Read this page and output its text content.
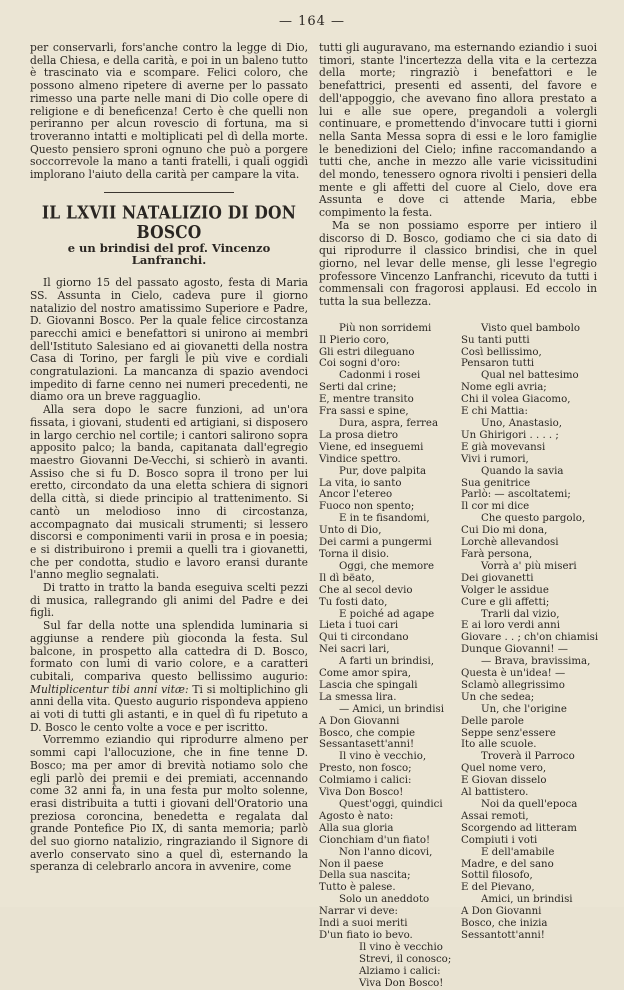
— 164 —

per conservarli, fors'anche contro la legge di Dio, della Chiesa, e della carità, e poi in un baleno tutto è trascinato via e scompare. Felici coloro, che possono almeno ripetere di averne per lo passato rimesso una parte nelle mani di Dio colle opere di religione e di beneficenza! Certo è che quelli non periranno per alcun rovescio di fortuna, ma si troveranno intatti e moltiplicati pel dì della morte. Questo pensiero sproni ognuno che può a porgere soccorrevole la mano a tanti fratelli, i quali oggidì implorano l'aiuto della carità per campare la vita.

IL LXVII NATALIZIO DI DON BOSCO

e un brindisi del prof. Vincenzo Lanfranchi.

Il giorno 15 del passato agosto, festa di Maria SS. Assunta in Cielo, cadeva pure il giorno natalizio del nostro amatissimo Superiore e Padre, D. Giovanni Bosco. Per la quale felice circostanza parecchi amici e benefattori si unirono ai membri dell'Istituto Salesiano ed ai giovanetti della nostra Casa di Torino, per fargli le più vive e cordiali congratulazioni. La mancanza di spazio avendoci impedito di farne cenno nei numeri precedenti, ne diamo ora un breve ragguaglio.

Alla sera dopo le sacre funzioni, ad un'ora fissata, i giovani, studenti ed artigiani, si disposero in largo cerchio nel cortile; i cantori salirono sopra apposito palco; la banda, capitanata dall'egregio maestro Giovanni De-Vecchi, si schierò in avanti. Assiso che si fu D. Bosco sopra il trono per lui eretto, circondato da una eletta schiera di signori della città, si diede principio al trattenimento. Si cantò un melodioso inno di circostanza, accompagnato dai musicali strumenti; si lessero discorsi e componimenti varii in prosa e in poesia; e si distribuirono i premii a quelli tra i giovanetti, che per condotta, studio e lavoro eransi durante l'anno meglio segnalati.

Di tratto in tratto la banda eseguiva scelti pezzi di musica, rallegrando gli animi del Padre e dei figli.

Sul far della notte una splendida luminaria si aggiunse a rendere più gioconda la festa. Sul balcone, in prospetto alla cattedra di D. Bosco, formato con lumi di vario colore, e a caratteri cubitali, compariva questo bellissimo augurio: Multiplicentur tibi anni vitæ: Ti si moltiplichino gli anni della vita. Questo augurio rispondeva appieno ai voti di tutti gli astanti, e in quel dì fu ripetuto a D. Bosco le cento volte a voce e per iscritto.

Vorremmo eziandio qui riprodurre almeno per sommi capi l'allocuzione, che in fine tenne D. Bosco; ma per amor di brevità notiamo solo che egli parlò dei premii e dei premiati, accennando come 32 anni fa, in una festa pur molto solenne, erasi distribuita a tutti i giovani dell'Oratorio una preziosa coroncina, benedetta e regalata dal grande Pontefice Pio IX, di santa memoria; parlò del suo giorno natalizio, ringraziando il Signore di averlo conservato sino a quel dì, esternando la speranza di celebrarlo ancora in avvenire, come

tutti gli auguravano, ma esternando eziandio i suoi timori, stante l'incertezza della vita e la certezza della morte; ringraziò i benefattori e le benefattrici, presenti ed assenti, del favore e dell'appoggio, che avevano fino allora prestato a lui e alle sue opere, pregandoli a volergli continuare, e promettendo d'invocare tutti i giorni nella Santa Messa sopra di essi e le loro famiglie le benedizioni del Cielo; infine raccomandando a tutti che, anche in mezzo alle varie vicissitudini del mondo, tenessero ognora rivolti i pensieri della mente e gli affetti del cuore al Cielo, dove era Assunta e dove ci attende Maria, ebbe compimento la festa.

Ma se non possiamo esporre per intiero il discorso di D. Bosco, godiamo che ci sia dato di qui riprodurre il classico brindisi, che in quel giorno, nel levar delle mense, gli lesse l'egregio professore Vincenzo Lanfranchi, ricevuto da tutti i commensali con fragorosi applausi. Ed eccolo in tutta la sua bellezza.

Più non sorridemi

Il Pierio coro,

Gli estri dileguano

Coi sogni d'oro:

Cadonmi i rosei

Serti dal crine;

E, mentre transito

Fra sassi e spine,

Dura, aspra, ferrea

La prosa dietro

Viene, ed inseguemi

Vindice spettro.

Pur, dove palpita

La vita, io santo

Ancor l'etereo

Fuoco non spento;

E in te fisandomi,

Unto di Dio,

Dei carmi a pungermi

Torna il disio.

Oggi, che memore

Il dì bëato,

Che al secol devio

Tu fosti dato,

E poiché ad agape

Lieta i tuoi cari

Qui ti circondano

Nei sacri lari,

A farti un brindisi,

Come amor spira,

Lascia che spingali

La smessa lira.

— Amici, un brindisi

A Don Giovanni

Bosco, che compie

Sessantasett'anni!

Il vino è vecchio,

Presto, non fosco;

Colmiamo i calici:

Viva Don Bosco!

Quest'oggi, quindici

Agosto è nato:

Alla sua gloria

Cionchiam d'un fiato!

Non l'anno dicovi,

Non il paese

Della sua nascita;

Tutto è palese.

Solo un aneddoto

Narrar vi deve:

Indi a suoi meriti

D'un fiato io bevo.

Visto quel bambolo

Su tanti putti

Così bellissimo,

Pensaron tutti

Qual nel battesimo

Nome egli avria;

Chi il volea Giacomo,

E chi Mattia:

Uno, Anastasio,

Un Ghirigori . . . . ;

E già movevansi

Vivi i rumori,

Quando la savia

Sua genitrice

Parlò: — ascoltatemi;

Il cor mi dice

Che questo pargolo,

Cui Dio mi dona,

Lorchè allevandosi

Farà persona,

Vorrà a' più miseri

Dei giovanetti

Volger le assidue

Cure e gli affetti;

Trarli dal vizio,

E ai loro verdi anni

Giovare . . ; ch'on chiamisi

Dunque Giovanni! —

— Brava, bravissima,

Questa è un'idea! —

Sclamò allegrissimo

Un che sedea;

Un, che l'origine

Delle parole

Seppe senz'essere

Ito alle scuole.

Troverà il Parroco

Quel nome vero,

E Giovan disselo

Al battistero.

Noi da quell'epoca

Assai remoti,

Scorgendo ad litteram

Compiuti i voti

E dell'amabile

Madre, e del sano

Sottil filosofo,

E del Pievano,

Amici, un brindisi

A Don Giovanni

Bosco, che inizia

Sessantott'anni!

Il vino è vecchio

Strevi, il conosco;

Alziamo i calici:

Viva Don Bosco!
